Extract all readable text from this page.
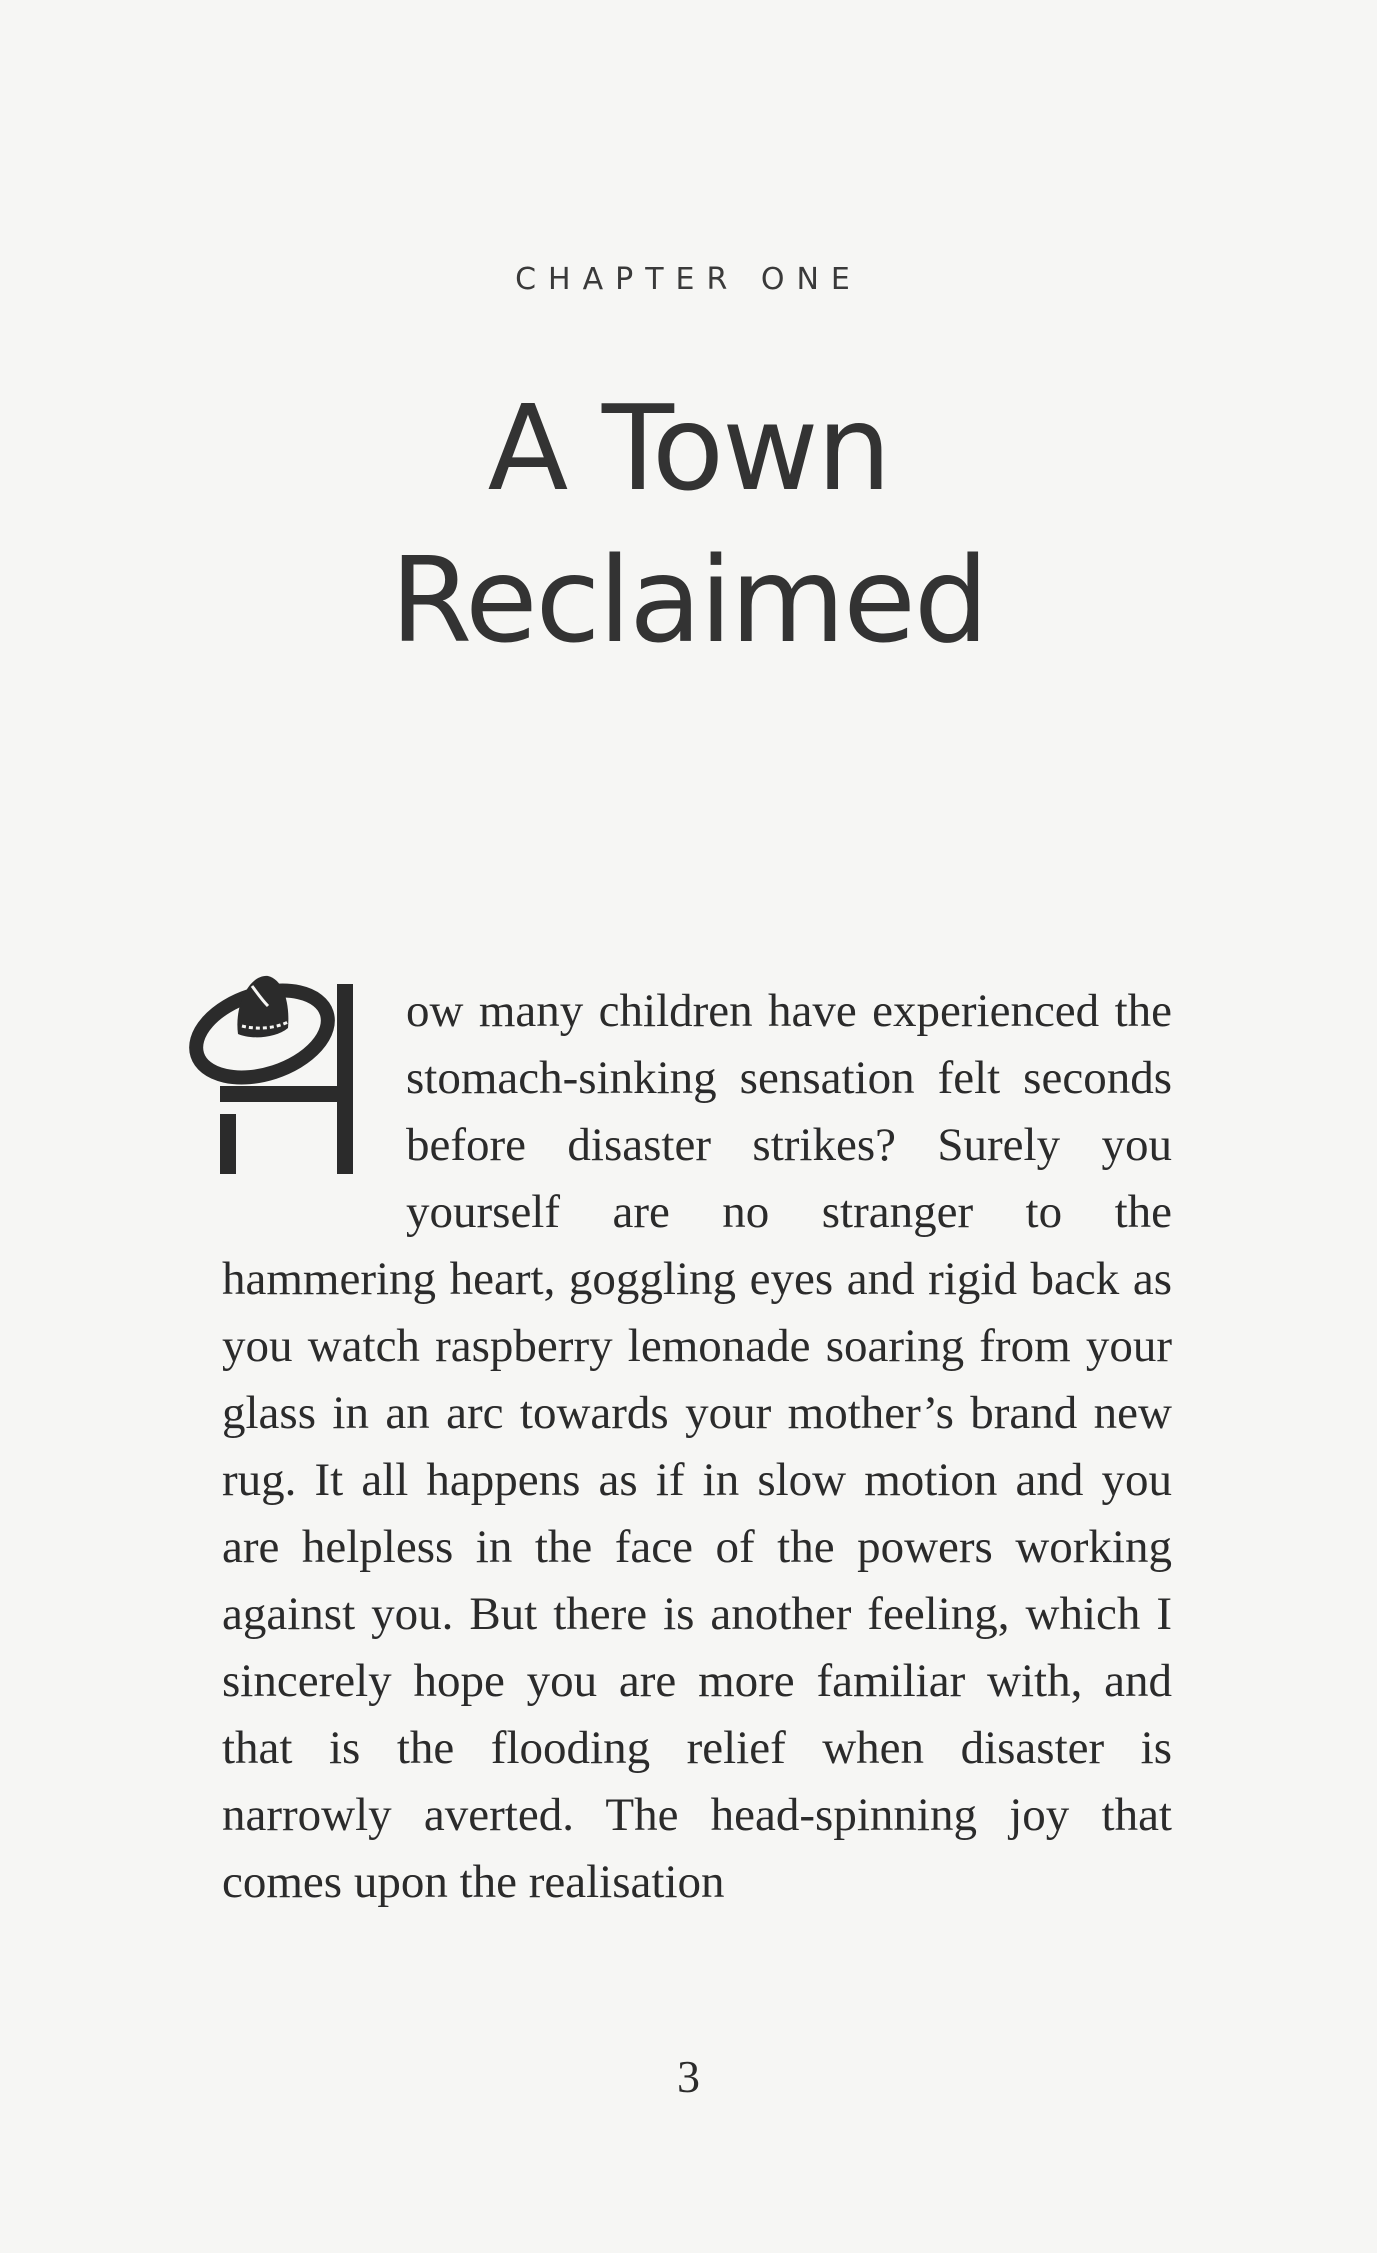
CHAPTER ONE
A Town
Reclaimed
ow many children have experienced the stomach-sinking sensation felt seconds before disaster strikes? Surely you yourself are no stranger to the hammering heart, goggling eyes and rigid back as you watch raspberry lemonade soaring from your glass in an arc towards your mother’s brand new rug. It all happens as if in slow motion and you are helpless in the face of the powers working against you. But there is another feeling, which I sincerely hope you are more familiar with, and that is the flooding relief when disaster is narrowly averted. The head-spinning joy that comes upon the realisation
3
